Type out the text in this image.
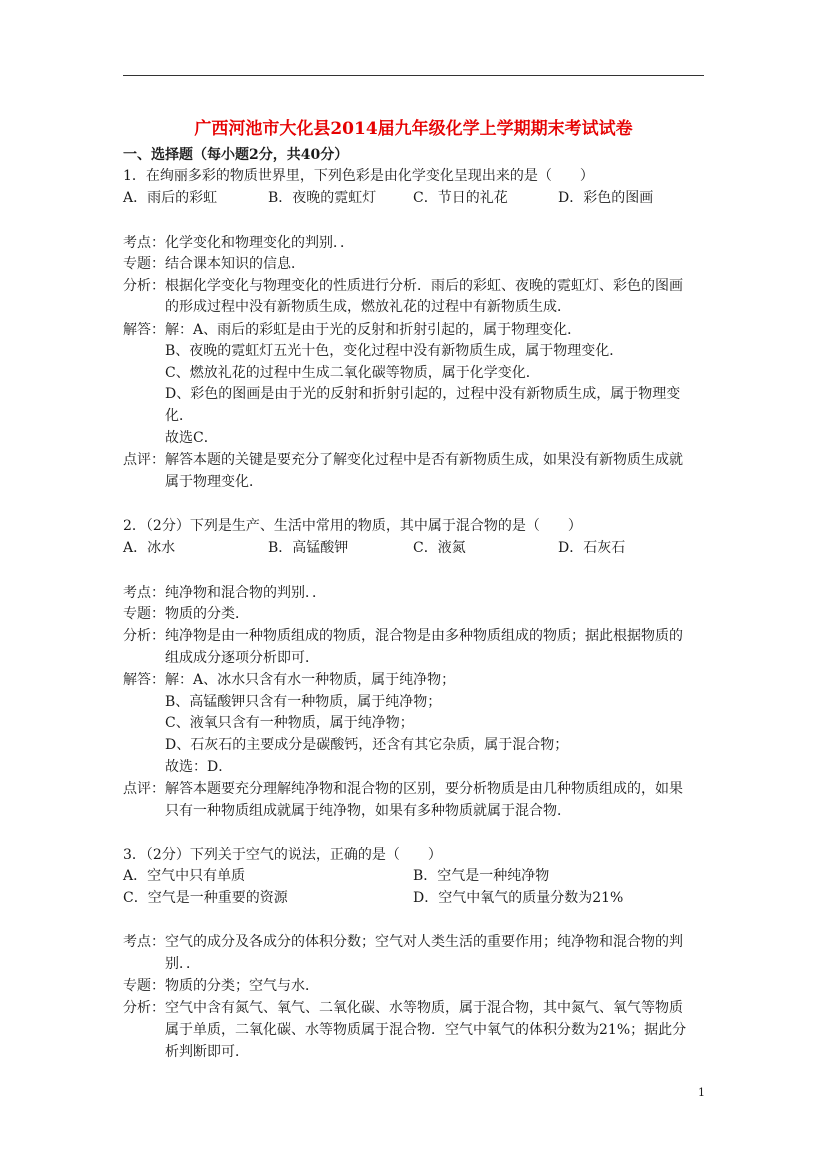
广西河池市大化县2014届九年级化学上学期期末考试试卷
一、选择题（每小题2分，共40分）
1．在绚丽多彩的物质世界里，下列色彩是由化学变化呈现出来的是（　　）
A．雨后的彩虹	B．夜晚的霓虹灯	C．节日的礼花	D．彩色的图画
考点：化学变化和物理变化的判别．．
专题：结合课本知识的信息．
分析：根据化学变化与物理变化的性质进行分析．雨后的彩虹、夜晚的霓虹灯、彩色的图画
的形成过程中没有新物质生成，燃放礼花的过程中有新物质生成．
解答：解：A、雨后的彩虹是由于光的反射和折射引起的，属于物理变化．
B、夜晚的霓虹灯五光十色，变化过程中没有新物质生成，属于物理变化．
C、燃放礼花的过程中生成二氧化碳等物质，属于化学变化．
D、彩色的图画是由于光的反射和折射引起的，过程中没有新物质生成，属于物理变
化．
故选C．
点评：解答本题的关键是要充分了解变化过程中是否有新物质生成，如果没有新物质生成就
属于物理变化．
2．（2分）下列是生产、生活中常用的物质，其中属于混合物的是（　　）
A．冰水	B．高锰酸钾	C．液氮	D．石灰石
考点：纯净物和混合物的判别．．
专题：物质的分类．
分析：纯净物是由一种物质组成的物质，混合物是由多种物质组成的物质；据此根据物质的
组成成分逐项分析即可．
解答：解：A、冰水只含有水一种物质，属于纯净物；
B、高锰酸钾只含有一种物质，属于纯净物；
C、液氧只含有一种物质，属于纯净物；
D、石灰石的主要成分是碳酸钙，还含有其它杂质，属于混合物；
故选：D．
点评：解答本题要充分理解纯净物和混合物的区别，要分析物质是由几种物质组成的，如果
只有一种物质组成就属于纯净物，如果有多种物质就属于混合物．
3．（2分）下列关于空气的说法，正确的是（　　）
A．空气中只有单质	B．空气是一种纯净物
C．空气是一种重要的资源	D．空气中氧气的质量分数为21%
考点：空气的成分及各成分的体积分数；空气对人类生活的重要作用；纯净物和混合物的判
别．．
专题：物质的分类；空气与水．
分析：空气中含有氮气、氧气、二氧化碳、水等物质，属于混合物，其中氮气、氧气等物质
属于单质，二氧化碳、水等物质属于混合物．空气中氧气的体积分数为21%；据此分
析判断即可．
1
